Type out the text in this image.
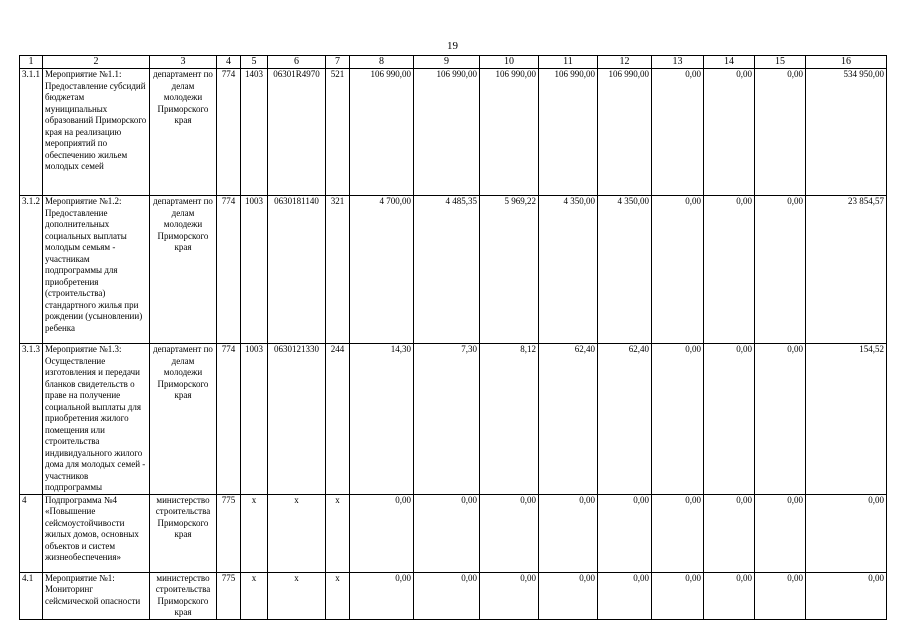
19
1	2	3	4	5	6	7	8	9	10	11	12	13	14	15	16
3.1.1	Мероприятие №1.1: Предоставление субсидий бюджетам муниципальных образований Приморского края на реализацию мероприятий по обеспечению жильем молодых семей	департамент по делам молодежи Приморского края	774	1403	06301R4970	521	106 990,00	106 990,00	106 990,00	106 990,00	106 990,00	0,00	0,00	0,00	534 950,00
3.1.2	Мероприятие №1.2: Предоставление дополнительных социальных выплаты молодым семьям - участникам подпрограммы для приобретения (строительства) стандартного жилья при рождении (усыновлении) ребенка	департамент по делам молодежи Приморского края	774	1003	0630181140	321	4 700,00	4 485,35	5 969,22	4 350,00	4 350,00	0,00	0,00	0,00	23 854,57
3.1.3	Мероприятие №1.3: Осуществление изготовления и передачи бланков свидетельств о праве на получение социальной выплаты для приобретения жилого помещения или строительства индивидуального жилого дома для молодых семей - участников подпрограммы	департамент по делам молодежи Приморского края	774	1003	0630121330	244	14,30	7,30	8,12	62,40	62,40	0,00	0,00	0,00	154,52
4	Подпрограмма №4 «Повышение сейсмоустойчивости жилых домов, основных объектов и систем жизнеобеспечения»	министерство строительства Приморского края	775	х	х	х	0,00	0,00	0,00	0,00	0,00	0,00	0,00	0,00	0,00
4.1	Мероприятие №1: Мониторинг сейсмической опасности	министерство строительства Приморского края	775	х	х	х	0,00	0,00	0,00	0,00	0,00	0,00	0,00	0,00	0,00
